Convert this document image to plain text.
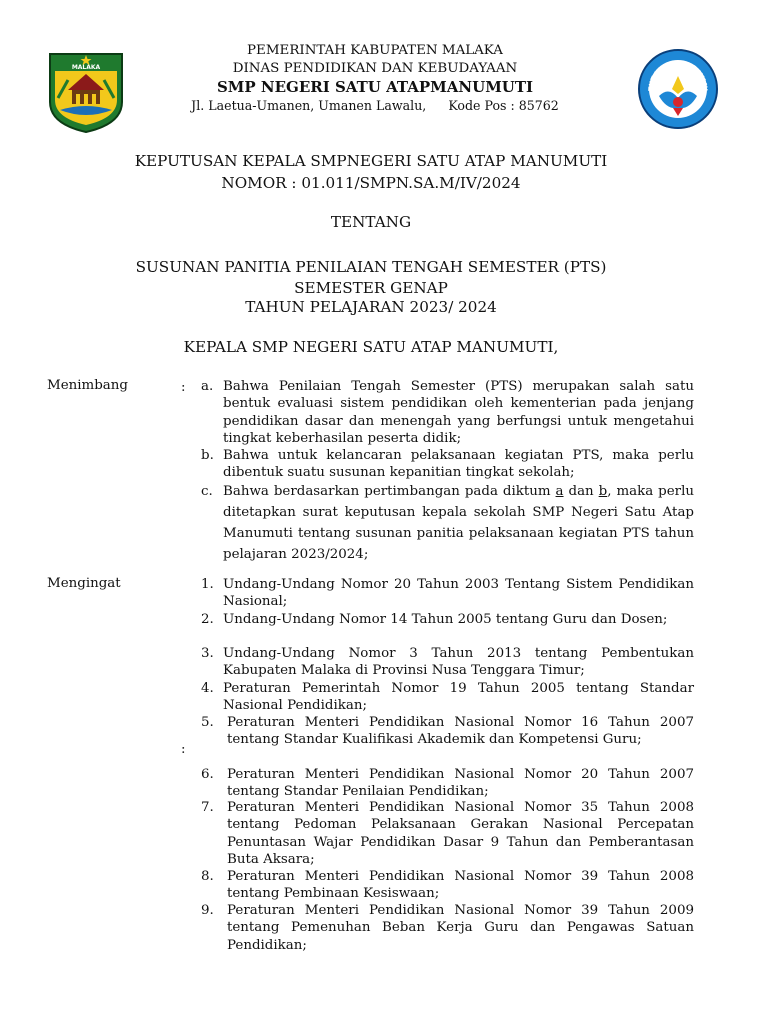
MALAKA
PEMERINTAH KABUPATEN MALAKA
DINAS PENDIDIKAN DAN KEBUDAYAAN
SMP NEGERI SATU ATAPMANUMUTI
Jl. Laetua-Umanen, Umanen Lawalu, Kode Pos : 85762
TUT WURI HANDAYANI
KEPUTUSAN KEPALA SMPNEGERI SATU ATAP MANUMUTI
NOMOR : 01.011/SMPN.SA.M/IV/2024
TENTANG
SUSUNAN PANITIA PENILAIAN TENGAH SEMESTER (PTS)
SEMESTER GENAP
TAHUN PELAJARAN 2023/ 2024
KEPALA SMP NEGERI SATU ATAP MANUMUTI,
Menimbang	: a. Bahwa Penilaian Tengah Semester (PTS) merupakan salah satu bentuk evaluasi sistem pendidikan oleh kementerian pada jenjang pendidikan dasar dan menengah yang berfungsi untuk mengetahui tingkat keberhasilan peserta didik;
b. Bahwa untuk kelancaran pelaksanaan kegiatan PTS, maka perlu dibentuk suatu susunan kepanitian tingkat sekolah;
c. Bahwa berdasarkan pertimbangan pada diktum a dan b, maka perlu ditetapkan surat keputusan kepala sekolah SMP Negeri Satu Atap Manumuti tentang susunan panitia pelaksanaan kegiatan PTS tahun pelajaran 2023/2024;
Mengingat
:
1. Undang-Undang Nomor 20 Tahun 2003 Tentang Sistem Pendidikan Nasional;
2. Undang-Undang Nomor 14 Tahun 2005 tentang Guru dan Dosen;
3. Undang-Undang Nomor 3 Tahun 2013 tentang Pembentukan Kabupaten Malaka di Provinsi Nusa Tenggara Timur;
4. Peraturan Pemerintah Nomor 19 Tahun 2005 tentang Standar Nasional Pendidikan;
5. Peraturan Menteri Pendidikan Nasional Nomor 16 Tahun 2007 tentang Standar Kualifikasi Akademik dan Kompetensi Guru;
6. Peraturan Menteri Pendidikan Nasional Nomor 20 Tahun 2007 tentang Standar Penilaian Pendidikan;
7. Peraturan Menteri Pendidikan Nasional Nomor 35 Tahun 2008 tentang Pedoman Pelaksanaan Gerakan Nasional Percepatan Penuntasan Wajar Pendidikan Dasar 9 Tahun dan Pemberantasan Buta Aksara;
8. Peraturan Menteri Pendidikan Nasional Nomor 39 Tahun 2008 tentang Pembinaan Kesiswaan;
9. Peraturan Menteri Pendidikan Nasional Nomor 39 Tahun 2009 tentang Pemenuhan Beban Kerja Guru dan Pengawas Satuan Pendidikan;
